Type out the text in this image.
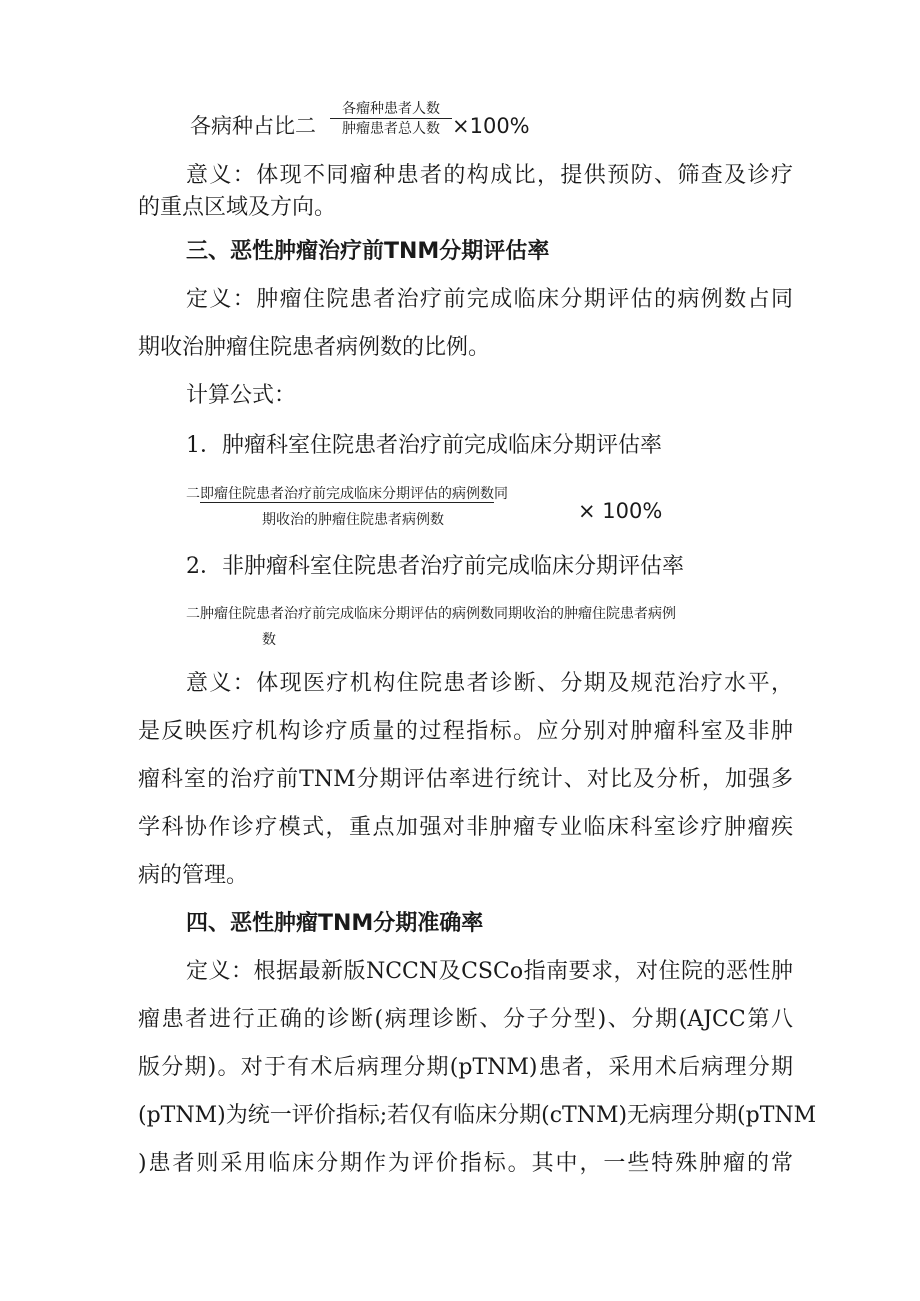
各病种占比二
各瘤种患者人数
肿瘤患者总人数 ×100%
意义：体现不同瘤种患者的构成比，提供预防、筛查及诊疗
的重点区域及方向。
三、恶性肿瘤治疗前TNM分期评估率
定义：肿瘤住院患者治疗前完成临床分期评估的病例数占同
期收治肿瘤住院患者病例数的比例。
计算公式：
1．肿瘤科室住院患者治疗前完成临床分期评估率
二即瘤住院患者治疗前完成临床分期评估的病例数同
期收治的肿瘤住院患者病例数	× 100%
2．非肿瘤科室住院患者治疗前完成临床分期评估率
二肿瘤住院患者治疗前完成临床分期评估的病例数同期收治的肿瘤住院患者病例
数
意义：体现医疗机构住院患者诊断、分期及规范治疗水平，
是反映医疗机构诊疗质量的过程指标。应分别对肿瘤科室及非肿
瘤科室的治疗前TNM分期评估率进行统计、对比及分析，加强多
学科协作诊疗模式，重点加强对非肿瘤专业临床科室诊疗肿瘤疾
病的管理。
四、恶性肿瘤TNM分期准确率
定义：根据最新版NCCN及CSCo指南要求，对住院的恶性肿
瘤患者进行正确的诊断(病理诊断、分子分型)、分期(AJCC第八
版分期)。对于有术后病理分期(pTNM)患者，采用术后病理分期
(pTNM)为统一评价指标;若仅有临床分期(cTNM)无病理分期(pTNM
)患者则采用临床分期作为评价指标。其中，一些特殊肿瘤的常
